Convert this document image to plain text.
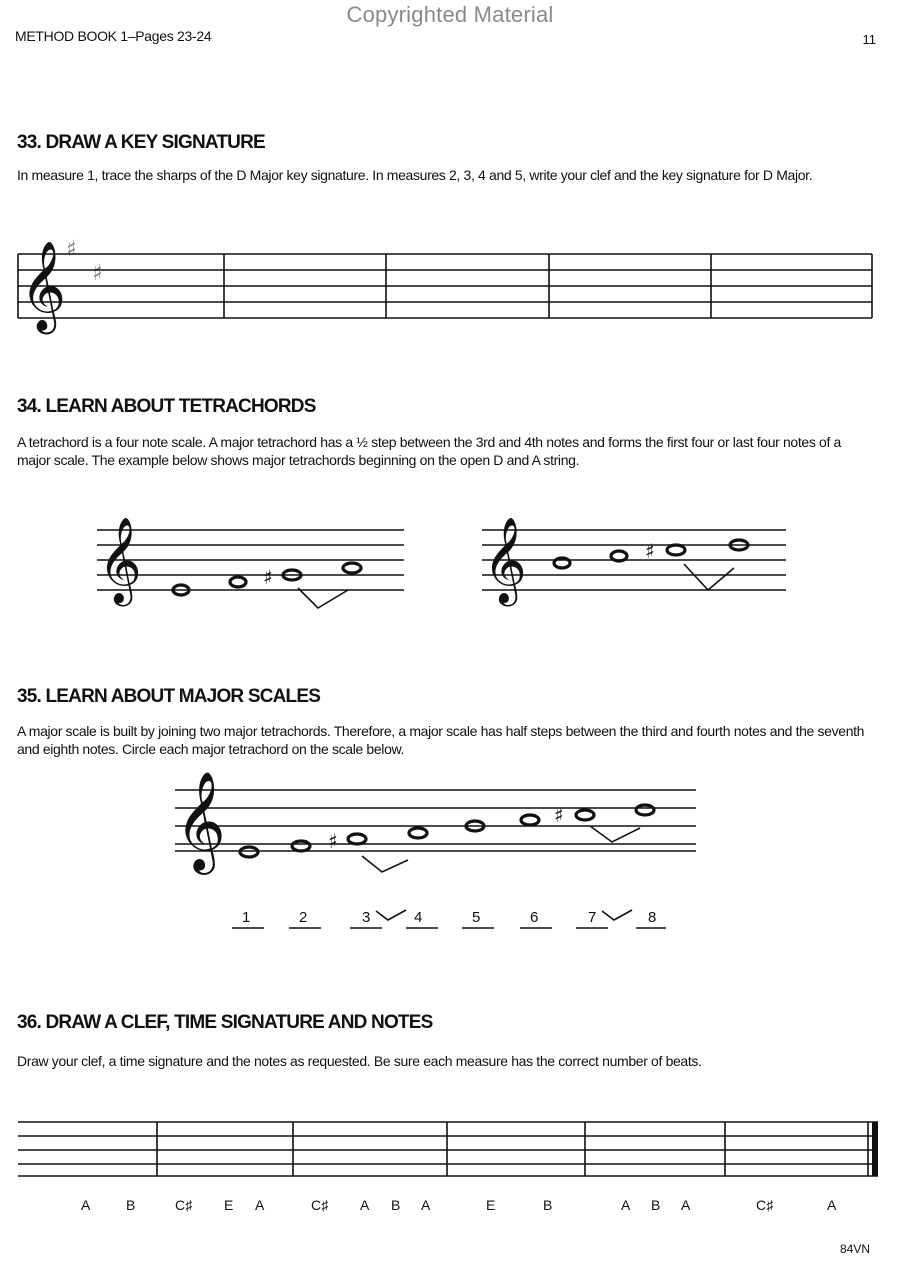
Copyrighted Material
METHOD BOOK 1–Pages 23-24	11
33. DRAW A KEY SIGNATURE
In measure 1, trace the sharps of the D Major key signature. In measures 2, 3, 4 and 5, write your clef and the key signature for D Major.
𝄞 ♯
♯
34. LEARN ABOUT TETRACHORDS
A tetrachord is a four note scale. A major tetrachord has a ½ step between the 3rd and 4th notes and forms the first four or last four notes of a major scale. The example below shows major tetrachords beginning on the open D and A string.
𝄞	♯	𝄞	♯
35. LEARN ABOUT MAJOR SCALES
A major scale is built by joining two major tetrachords. Therefore, a major scale has half steps between the third and fourth notes and the seventh and eighth notes. Circle each major tetrachord on the scale below.
𝄞	♯
♯
1	2	3	4	5	6	7	8
36. DRAW A CLEF, TIME SIGNATURE AND NOTES
Draw your clef, a time signature and the notes as requested. Be sure each measure has the correct number of beats.
A	B	C♯ E A	C♯ A B A	E	B	A B A	C♯	A
84VN
